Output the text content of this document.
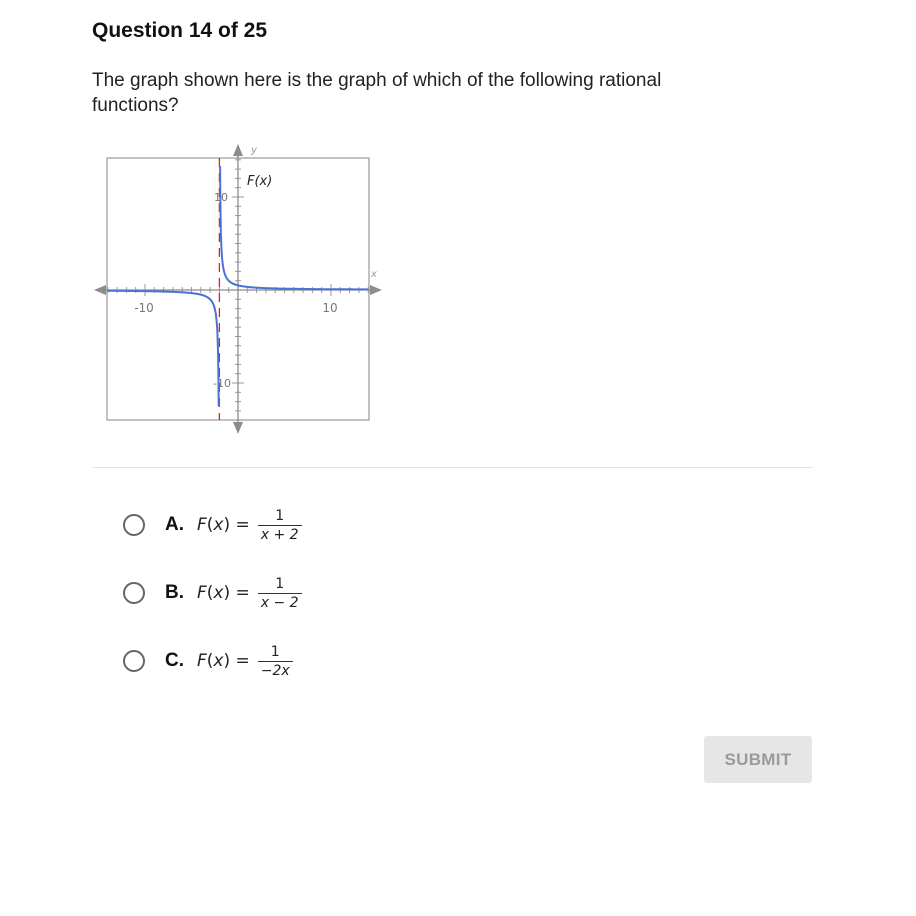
Question 14 of 25
The graph shown here is the graph of which of the following rational functions?
y
x
F(x)
-10	10
10
-10
A. $F(x) = \frac{1}{x + 2}$
B. $F(x) = \frac{1}{x - 2}$
C. $F(x) = \frac{1}{-2x}$
SUBMIT
